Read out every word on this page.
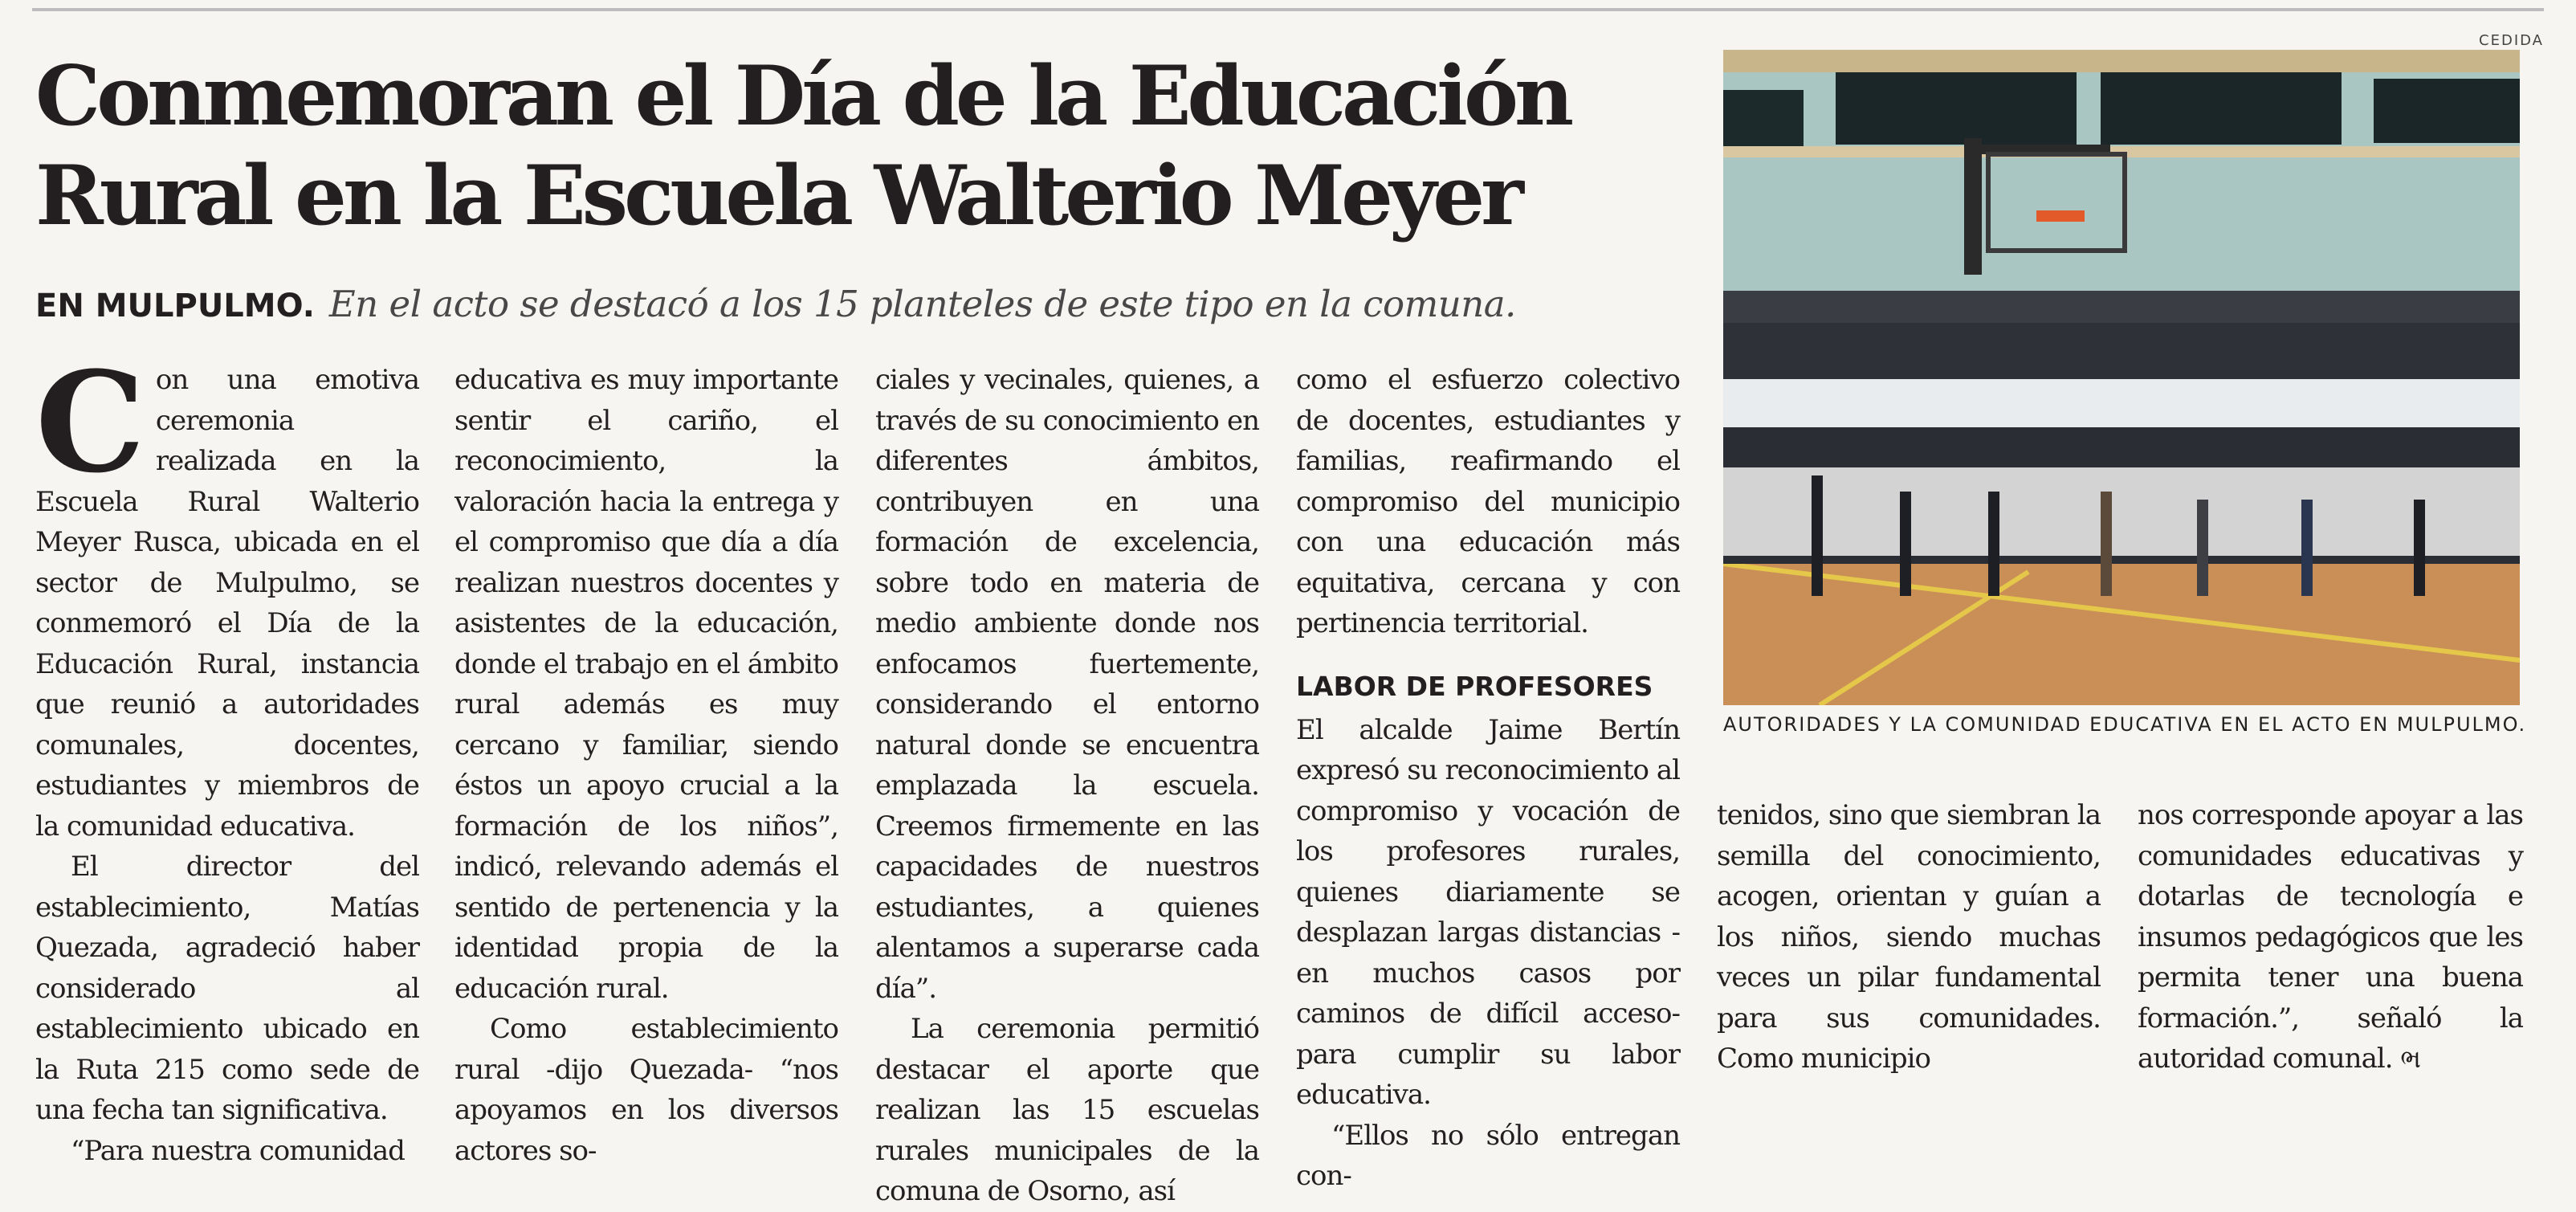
Conmemoran el Día de la Educación
Rural en la Escuela Walterio Meyer
EN MULPULMO. En el acto se destacó a los 15 planteles de este tipo en la comuna.

Con una emotiva ceremonia realizada en la Escuela Rural Walterio Meyer Rusca, ubicada en el sector de Mulpulmo, se conmemoró el Día de la Educación Rural, instancia que reunió a autoridades comunales, docentes, estudiantes y miembros de la comunidad educativa.

El director del establecimiento, Matías Quezada, agradeció haber considerado al establecimiento ubicado en la Ruta 215 como sede de una fecha tan significativa.

“Para nuestra comunidad

educativa es muy importante sentir el cariño, el reconocimiento, la valoración hacia la entrega y el compromiso que día a día realizan nuestros docentes y asistentes de la educación, donde el trabajo en el ámbito rural además es muy cercano y familiar, siendo éstos un apoyo crucial a la formación de los niños”, indicó, relevando además el sentido de pertenencia y la identidad propia de la educación rural.

Como establecimiento rural -dijo Quezada- “nos apoyamos en los diversos actores so-

ciales y vecinales, quienes, a través de su conocimiento en diferentes ámbitos, contribuyen en una formación de excelencia, sobre todo en materia de medio ambiente donde nos enfocamos fuertemente, considerando el entorno natural donde se encuentra emplazada la escuela. Creemos firmemente en las capacidades de nuestros estudiantes, a quienes alentamos a superarse cada día”.

La ceremonia permitió destacar el aporte que realizan las 15 escuelas rurales municipales de la comuna de Osorno, así

como el esfuerzo colectivo de docentes, estudiantes y familias, reafirmando el compromiso del municipio con una educación más equitativa, cercana y con pertinencia territorial.

LABOR DE PROFESORES

El alcalde Jaime Bertín expresó su reconocimiento al compromiso y vocación de los profesores rurales, quienes diariamente se desplazan largas distancias -en muchos casos por caminos de difícil acceso- para cumplir su labor educativa.

“Ellos no sólo entregan con-

tenidos, sino que siembran la semilla del conocimiento, acogen, orientan y guían a los niños, siendo muchas veces un pilar fundamental para sus comunidades. Como municipio

nos corresponde apoyar a las comunidades educativas y dotarlas de tecnología e insumos pedagógicos que les permita tener una buena formación.”, señaló la autoridad comunal. ભ

CEDIDA
AUTORIDADES Y LA COMUNIDAD EDUCATIVA EN EL ACTO EN MULPULMO.
